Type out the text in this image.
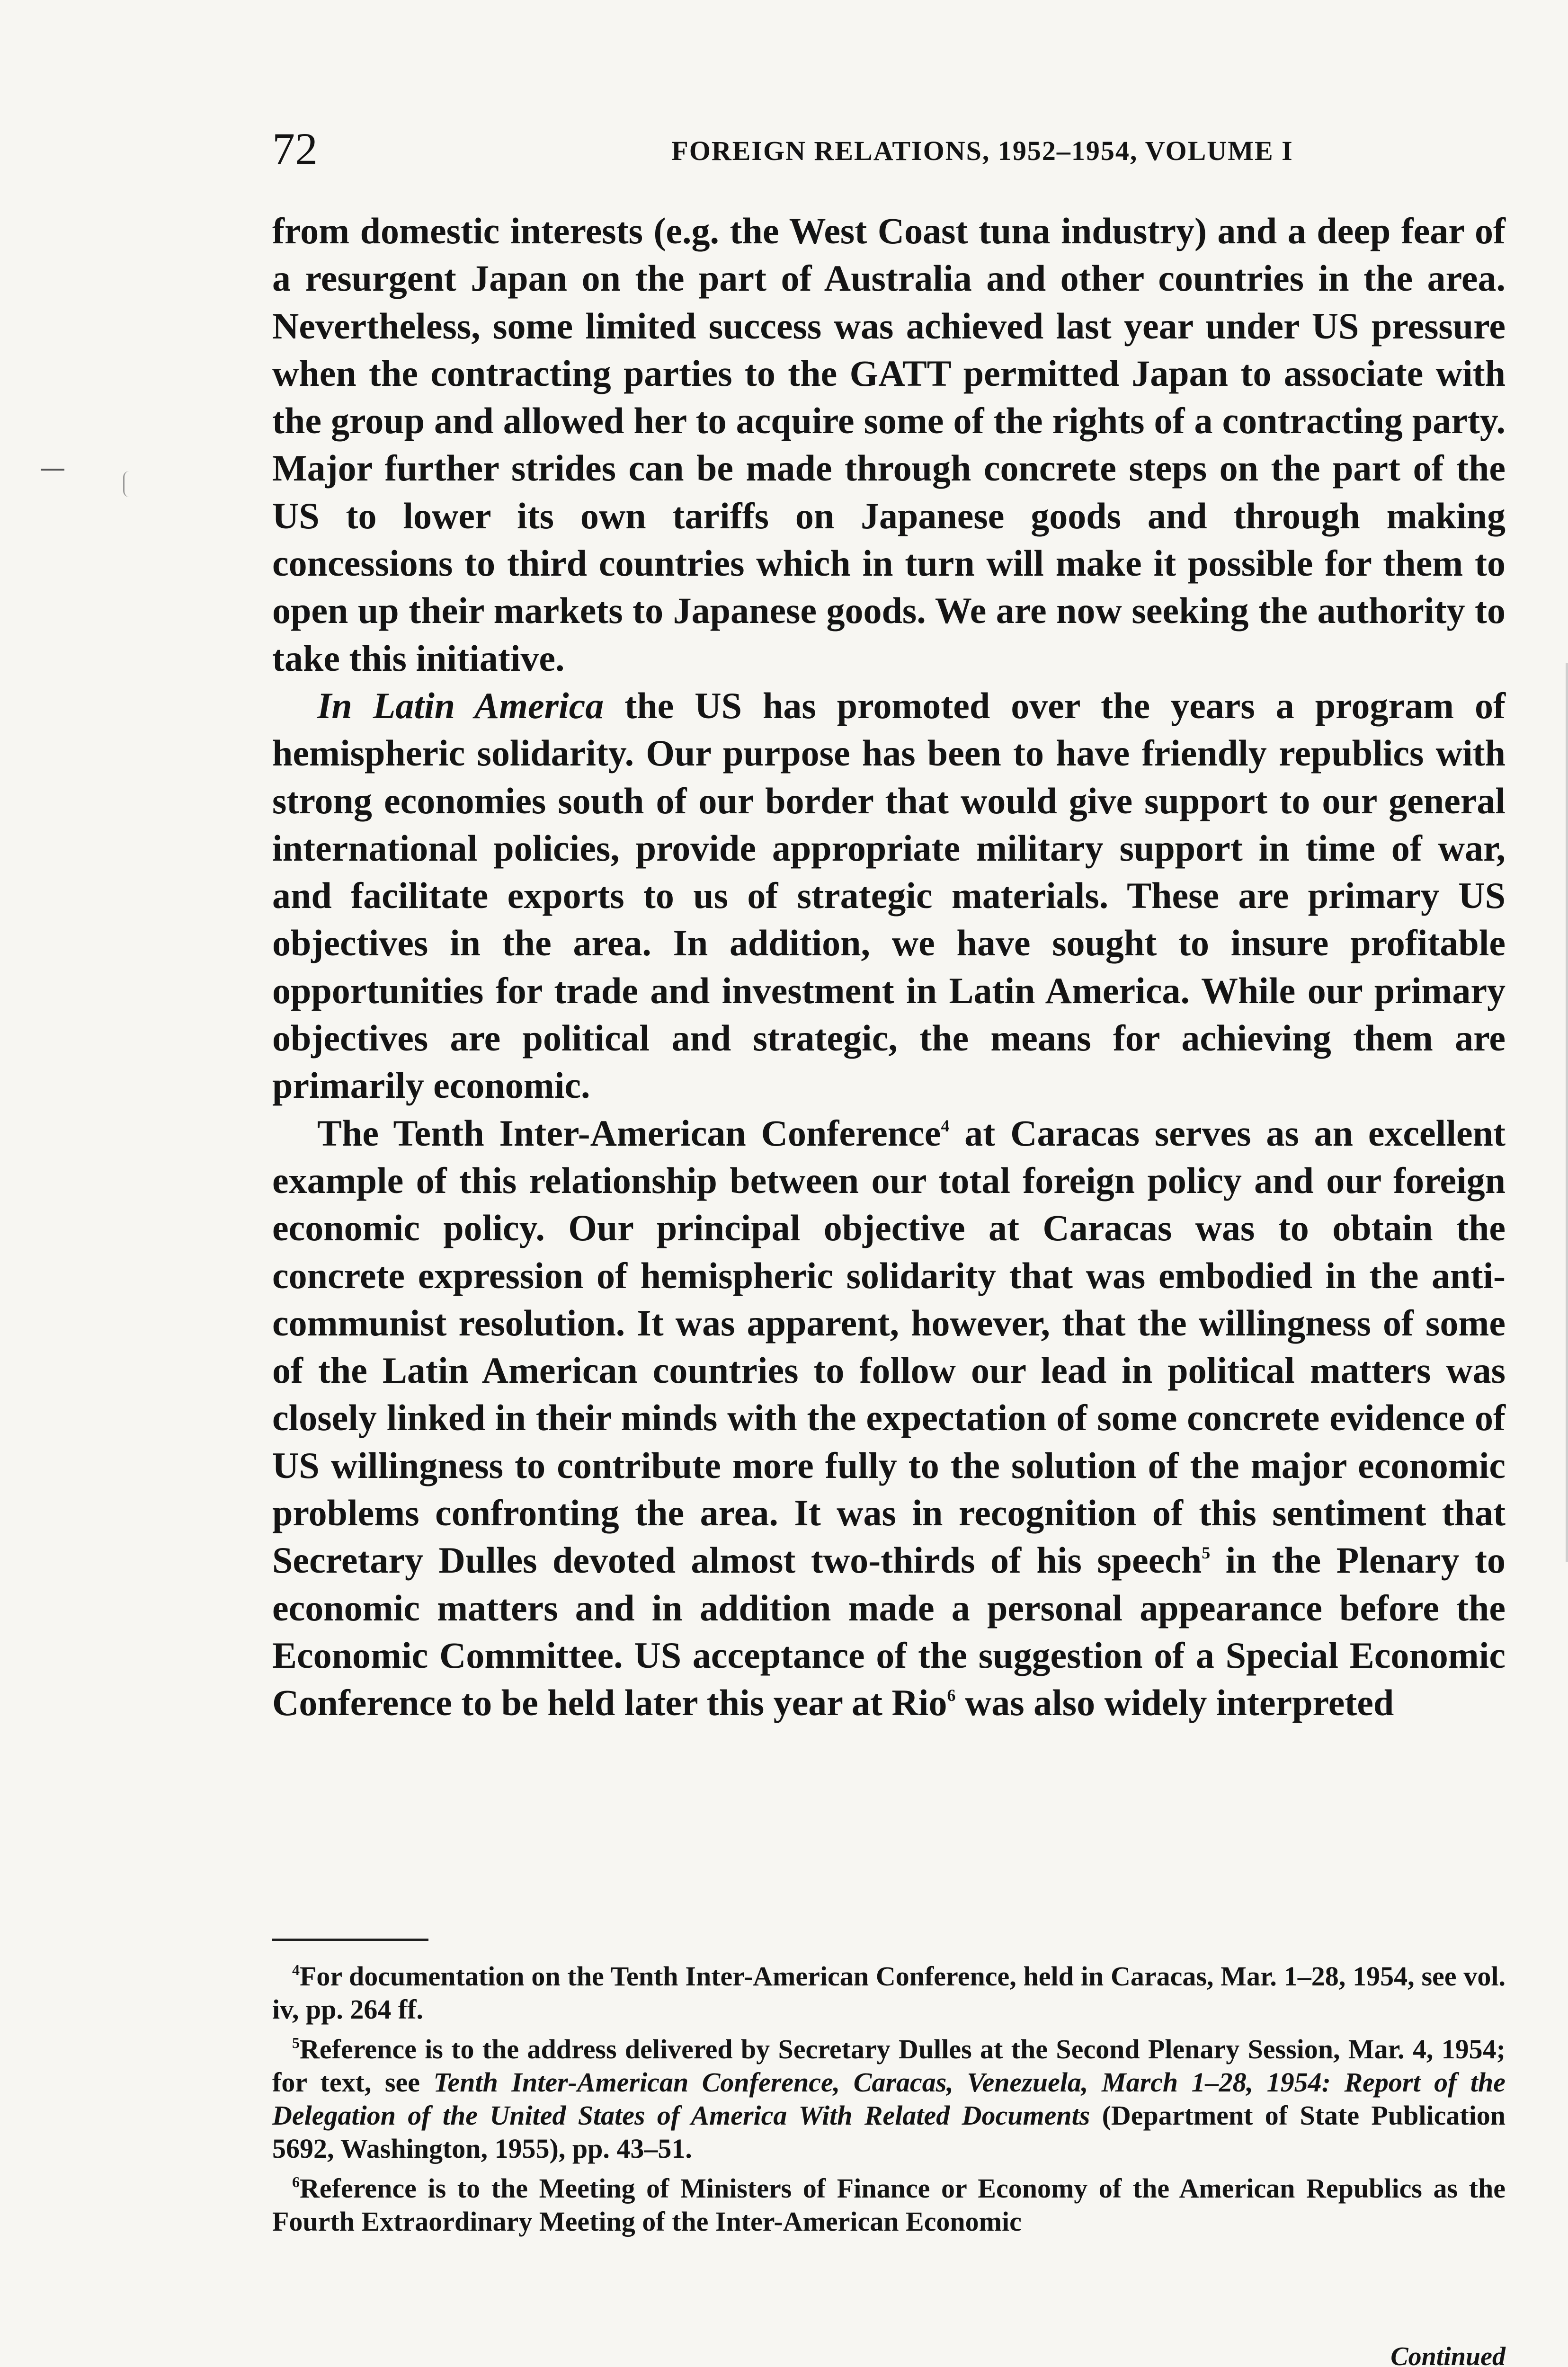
72	FOREIGN RELATIONS, 1952–1954, VOLUME I

from domestic interests (e.g. the West Coast tuna industry) and a deep fear of a resurgent Japan on the part of Australia and other countries in the area. Nevertheless, some limited success was achieved last year under US pressure when the contracting parties to the GATT permitted Japan to associate with the group and allowed her to acquire some of the rights of a contracting party. Major further strides can be made through concrete steps on the part of the US to lower its own tariffs on Japanese goods and through making concessions to third countries which in turn will make it possible for them to open up their markets to Japanese goods. We are now seeking the authority to take this initiative.

In Latin America the US has promoted over the years a program of hemispheric solidarity. Our purpose has been to have friendly republics with strong economies south of our border that would give support to our general international policies, provide appropriate military support in time of war, and facilitate exports to us of strategic materials. These are primary US objectives in the area. In addition, we have sought to insure profitable opportunities for trade and investment in Latin America. While our primary objectives are political and strategic, the means for achieving them are primarily economic.

The Tenth Inter-American Conference$^4$ at Caracas serves as an excellent example of this relationship between our total foreign policy and our foreign economic policy. Our principal objective at Caracas was to obtain the concrete expression of hemispheric solidarity that was embodied in the anti-communist resolution. It was apparent, however, that the willingness of some of the Latin American countries to follow our lead in political matters was closely linked in their minds with the expectation of some concrete evidence of US willingness to contribute more fully to the solution of the major economic problems confronting the area. It was in recognition of this sentiment that Secretary Dulles devoted almost two-thirds of his speech$^5$ in the Plenary to economic matters and in addition made a personal appearance before the Economic Committee. US acceptance of the suggestion of a Special Economic Conference to be held later this year at Rio$^6$ was also widely interpreted

$^4$For documentation on the Tenth Inter-American Conference, held in Caracas, Mar. 1–28, 1954, see vol. iv, pp. 264 ff.

$^5$Reference is to the address delivered by Secretary Dulles at the Second Plenary Session, Mar. 4, 1954; for text, see Tenth Inter-American Conference, Caracas, Venezuela, March 1–28, 1954: Report of the Delegation of the United States of America With Related Documents (Department of State Publication 5692, Washington, 1955), pp. 43–51.

$^6$Reference is to the Meeting of Ministers of Finance or Economy of the American Republics as the Fourth Extraordinary Meeting of the Inter-American Economic

Continued
